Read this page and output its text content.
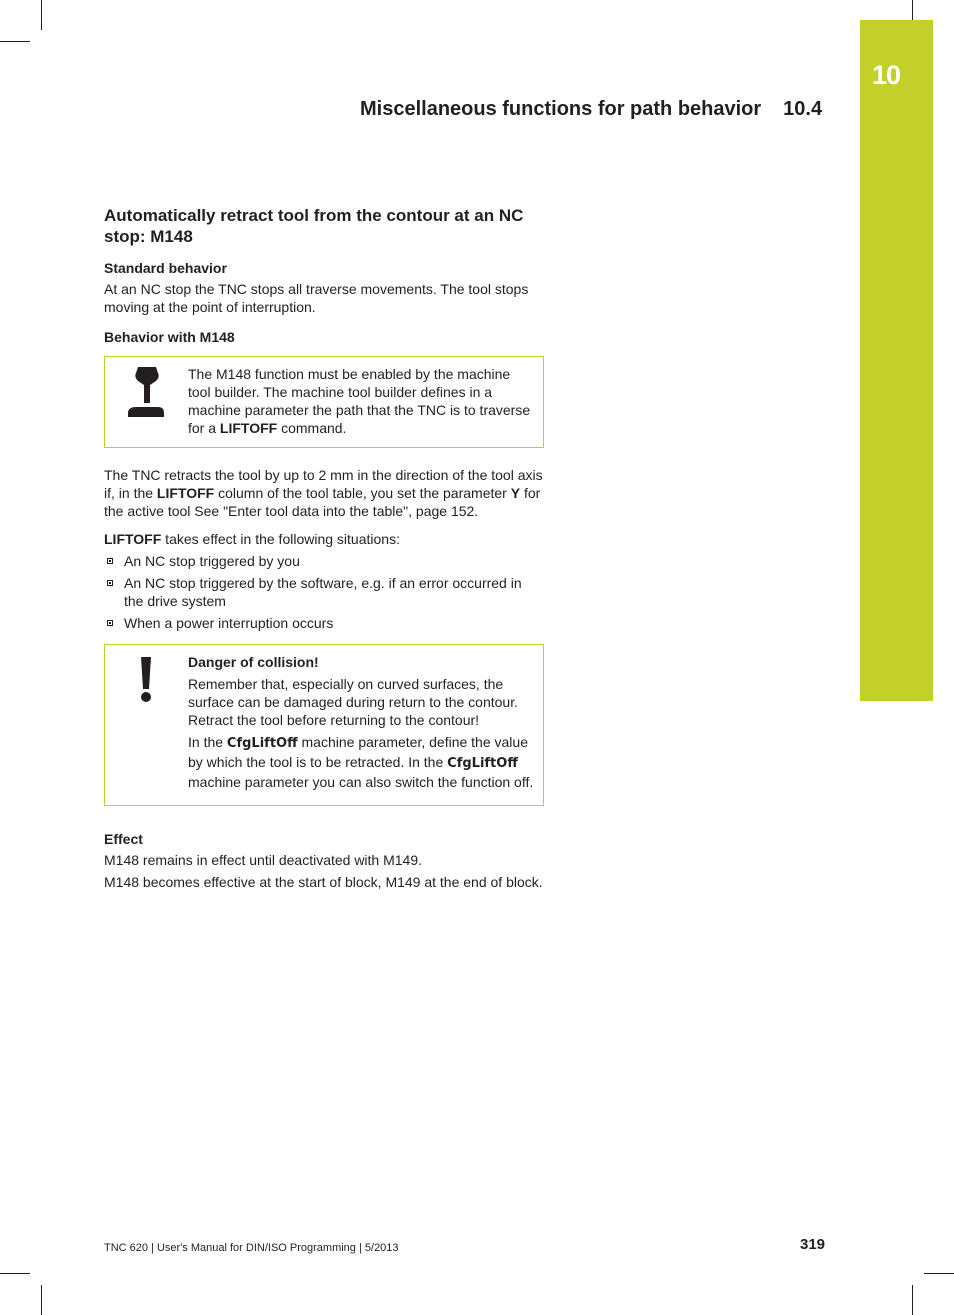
10
Miscellaneous functions for path behavior 10.4
Automatically retract tool from the contour at an NC stop: M148
Standard behavior

At an NC stop the TNC stops all traverse movements. The tool stops moving at the point of interruption.

Behavior with M148
The M148 function must be enabled by the machine tool builder. The machine tool builder defines in a machine parameter the path that the TNC is to traverse for a LIFTOFF command.

The TNC retracts the tool by up to 2 mm in the direction of the tool axis if, in the LIFTOFF column of the tool table, you set the parameter Y for the active tool See "Enter tool data into the table", page 152.

LIFTOFF takes effect in the following situations:

An NC stop triggered by you
An NC stop triggered by the software, e.g. if an error occurred in the drive system
When a power interruption occurs

Danger of collision!

Remember that, especially on curved surfaces, the surface can be damaged during return to the contour. Retract the tool before returning to the contour!

In the CfgLiftOff machine parameter, define the value by which the tool is to be retracted. In the CfgLiftOff machine parameter you can also switch the function off.

Effect

M148 remains in effect until deactivated with M149.

M148 becomes effective at the start of block, M149 at the end of block.

TNC 620 | User's Manual for DIN/ISO Programming | 5/2013	319
